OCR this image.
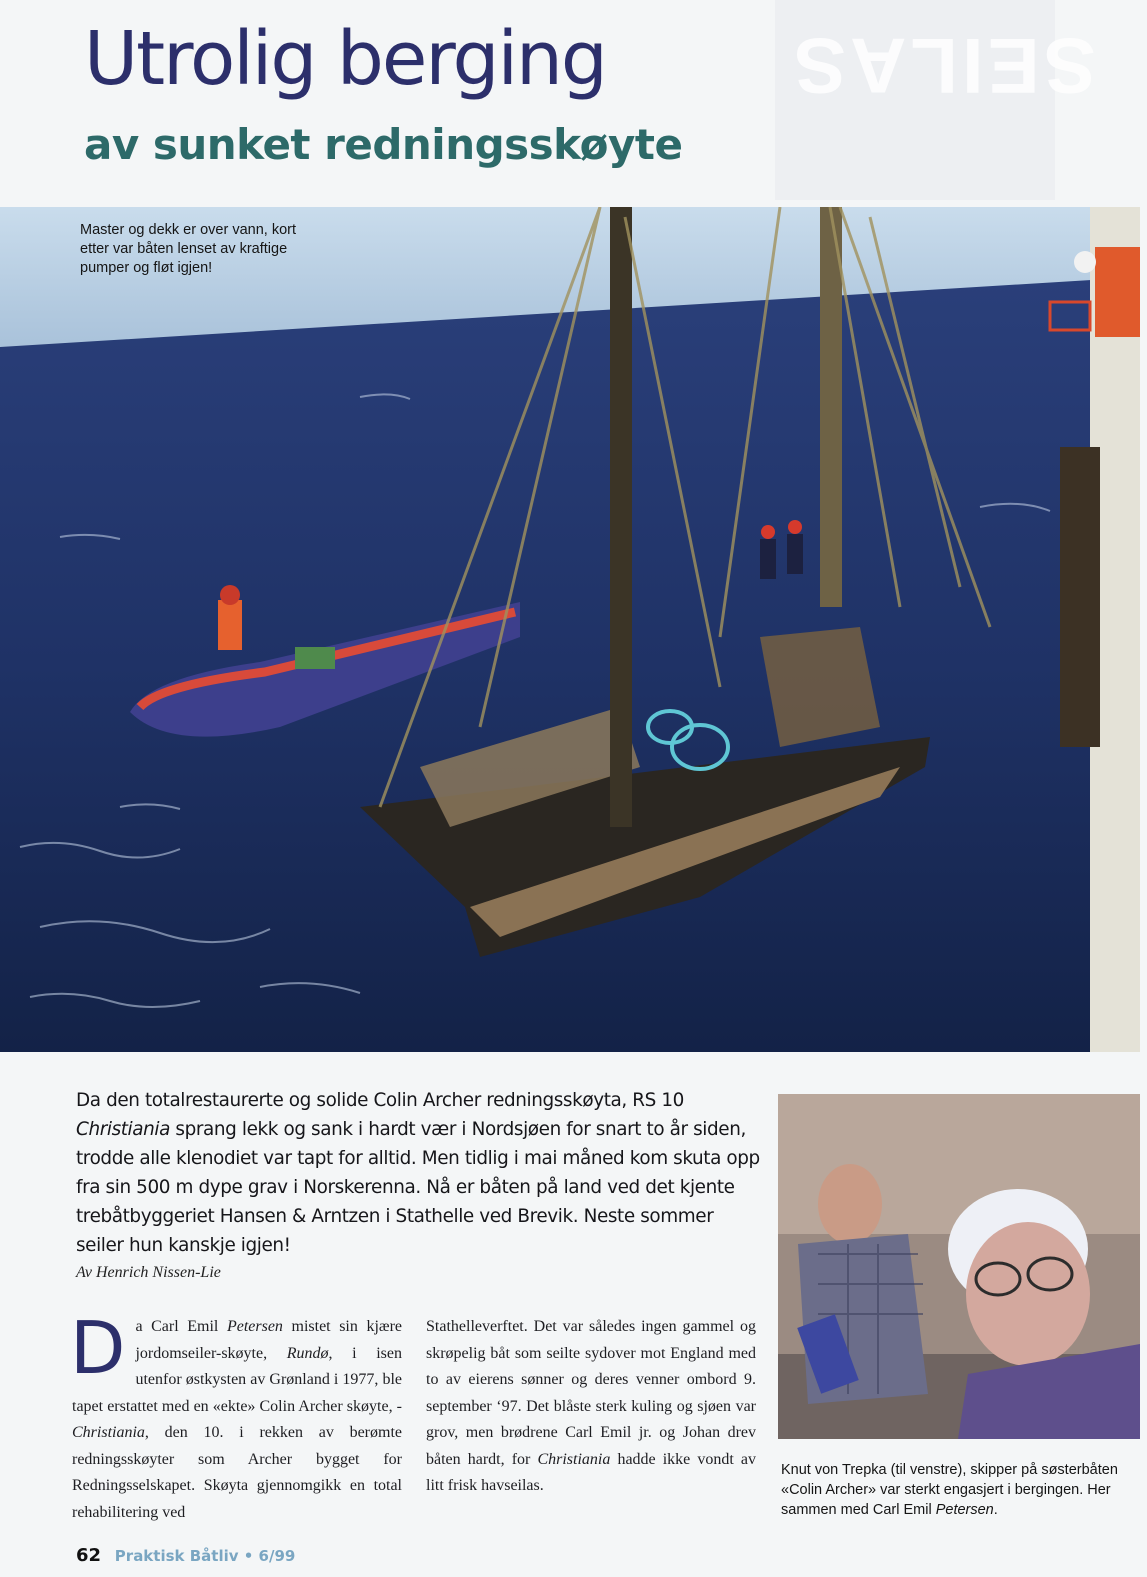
SEILAS
Utrolig berging
av sunket redningsskøyte
Master og dekk er over vann, kort etter var båten lenset av kraftige pumper og fløt igjen!
Da den totalrestaurerte og solide Colin Archer redningsskøyta, RS 10 Christiania sprang lekk og sank i hardt vær i Nordsjøen for snart to år siden, trodde alle klenodiet var tapt for alltid. Men tidlig i mai måned kom skuta opp fra sin 500 m dype grav i Norskerenna. Nå er båten på land ved det kjente trebåtbyggeriet Hansen & Arntzen i Stathelle ved Brevik. Neste sommer seiler hun kanskje igjen!
Av Henrich Nissen-Lie
Da Carl Emil Petersen mistet sin kjære jordomseiler-skøyte, Rundø, i isen utenfor østkysten av Grønland i 1977, ble tapet erstattet med en «ekte» Colin Archer skøyte, - Christiania, den 10. i rekken av berømte redningsskøyter som Archer bygget for Redningsselskapet. Skøyta gjennomgikk en total rehabilitering ved
Stathelleverftet. Det var således ingen gammel og skrøpelig båt som seilte sydover mot England med to av eierens sønner og deres venner ombord 9. september ‘97. Det blåste sterk kuling og sjøen var grov, men brødrene Carl Emil jr. og Johan drev båten hardt, for Christiania hadde ikke vondt av litt frisk havseilas.
Knut von Trepka (til venstre), skipper på søsterbåten «Colin Archer» var sterkt engasjert i bergingen. Her sammen med Carl Emil Petersen.
62 Praktisk Båtliv • 6/99
